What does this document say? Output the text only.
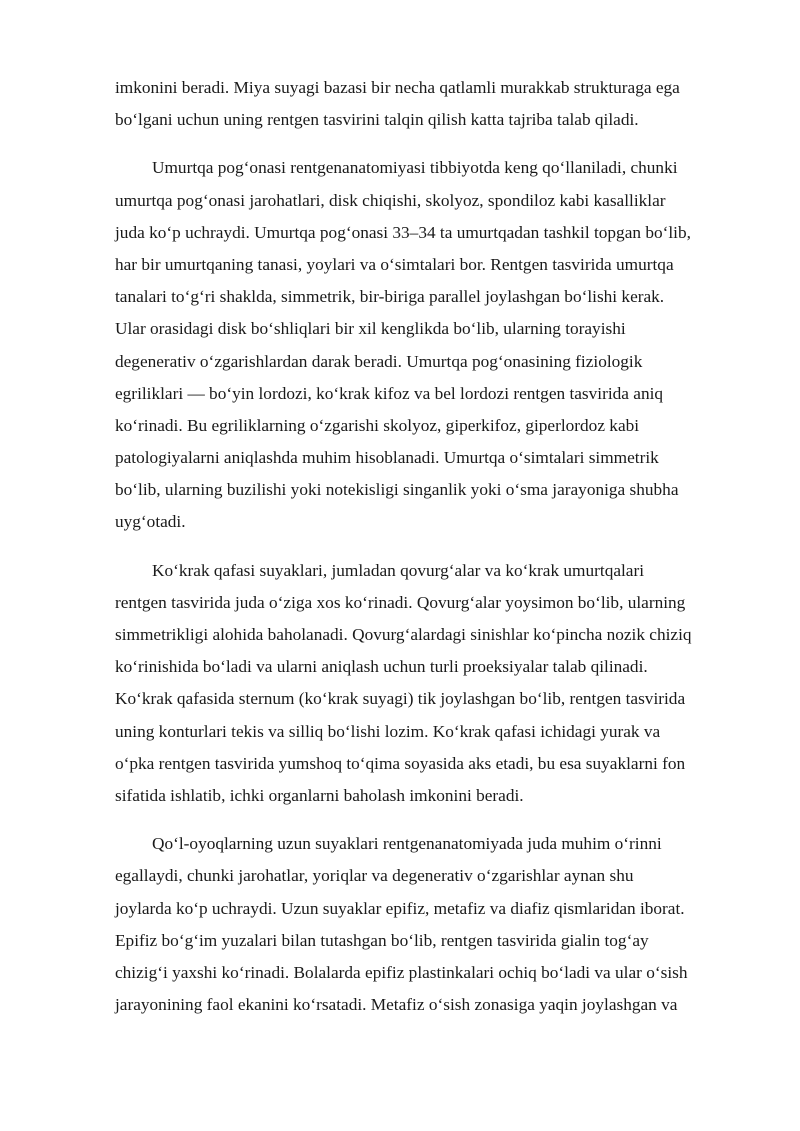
imkonini beradi. Miya suyagi bazasi bir necha qatlamli murakkab strukturaga ega
bo‘lgani uchun uning rentgen tasvirini talqin qilish katta tajriba talab qiladi.
Umurtqa pog‘onasi rentgenanatomiyasi tibbiyotda keng qo‘llaniladi, chunki
umurtqa pog‘onasi jarohatlari, disk chiqishi, skolyoz, spondiloz kabi kasalliklar
juda ko‘p uchraydi. Umurtqa pog‘onasi 33–34 ta umurtqadan tashkil topgan bo‘lib,
har bir umurtqaning tanasi, yoylari va o‘simtalari bor. Rentgen tasvirida umurtqa
tanalari to‘g‘ri shaklda, simmetrik, bir-biriga parallel joylashgan bo‘lishi kerak.
Ular orasidagi disk bo‘shliqlari bir xil kenglikda bo‘lib, ularning torayishi
degenerativ o‘zgarishlardan darak beradi. Umurtqa pog‘onasining fiziologik
egriliklari — bo‘yin lordozi, ko‘krak kifoz va bel lordozi rentgen tasvirida aniq
ko‘rinadi. Bu egriliklarning o‘zgarishi skolyoz, giperkifoz, giperlordoz kabi
patologiyalarni aniqlashda muhim hisoblanadi. Umurtqa o‘simtalari simmetrik
bo‘lib, ularning buzilishi yoki notekisligi singanlik yoki o‘sma jarayoniga shubha
uyg‘otadi.
Ko‘krak qafasi suyaklari, jumladan qovurg‘alar va ko‘krak umurtqalari
rentgen tasvirida juda o‘ziga xos ko‘rinadi. Qovurg‘alar yoysimon bo‘lib, ularning
simmetrikligi alohida baholanadi. Qovurg‘alardagi sinishlar ko‘pincha nozik chiziq
ko‘rinishida bo‘ladi va ularni aniqlash uchun turli proeksiyalar talab qilinadi.
Ko‘krak qafasida sternum (ko‘krak suyagi) tik joylashgan bo‘lib, rentgen tasvirida
uning konturlari tekis va silliq bo‘lishi lozim. Ko‘krak qafasi ichidagi yurak va
o‘pka rentgen tasvirida yumshoq to‘qima soyasida aks etadi, bu esa suyaklarni fon
sifatida ishlatib, ichki organlarni baholash imkonini beradi.
Qo‘l-oyoqlarning uzun suyaklari rentgenanatomiyada juda muhim o‘rinni
egallaydi, chunki jarohatlar, yoriqlar va degenerativ o‘zgarishlar aynan shu
joylarda ko‘p uchraydi. Uzun suyaklar epifiz, metafiz va diafiz qismlaridan iborat.
Epifiz bo‘g‘im yuzalari bilan tutashgan bo‘lib, rentgen tasvirida gialin tog‘ay
chizig‘i yaxshi ko‘rinadi. Bolalarda epifiz plastinkalari ochiq bo‘ladi va ular o‘sish
jarayonining faol ekanini ko‘rsatadi. Metafiz o‘sish zonasiga yaqin joylashgan va
